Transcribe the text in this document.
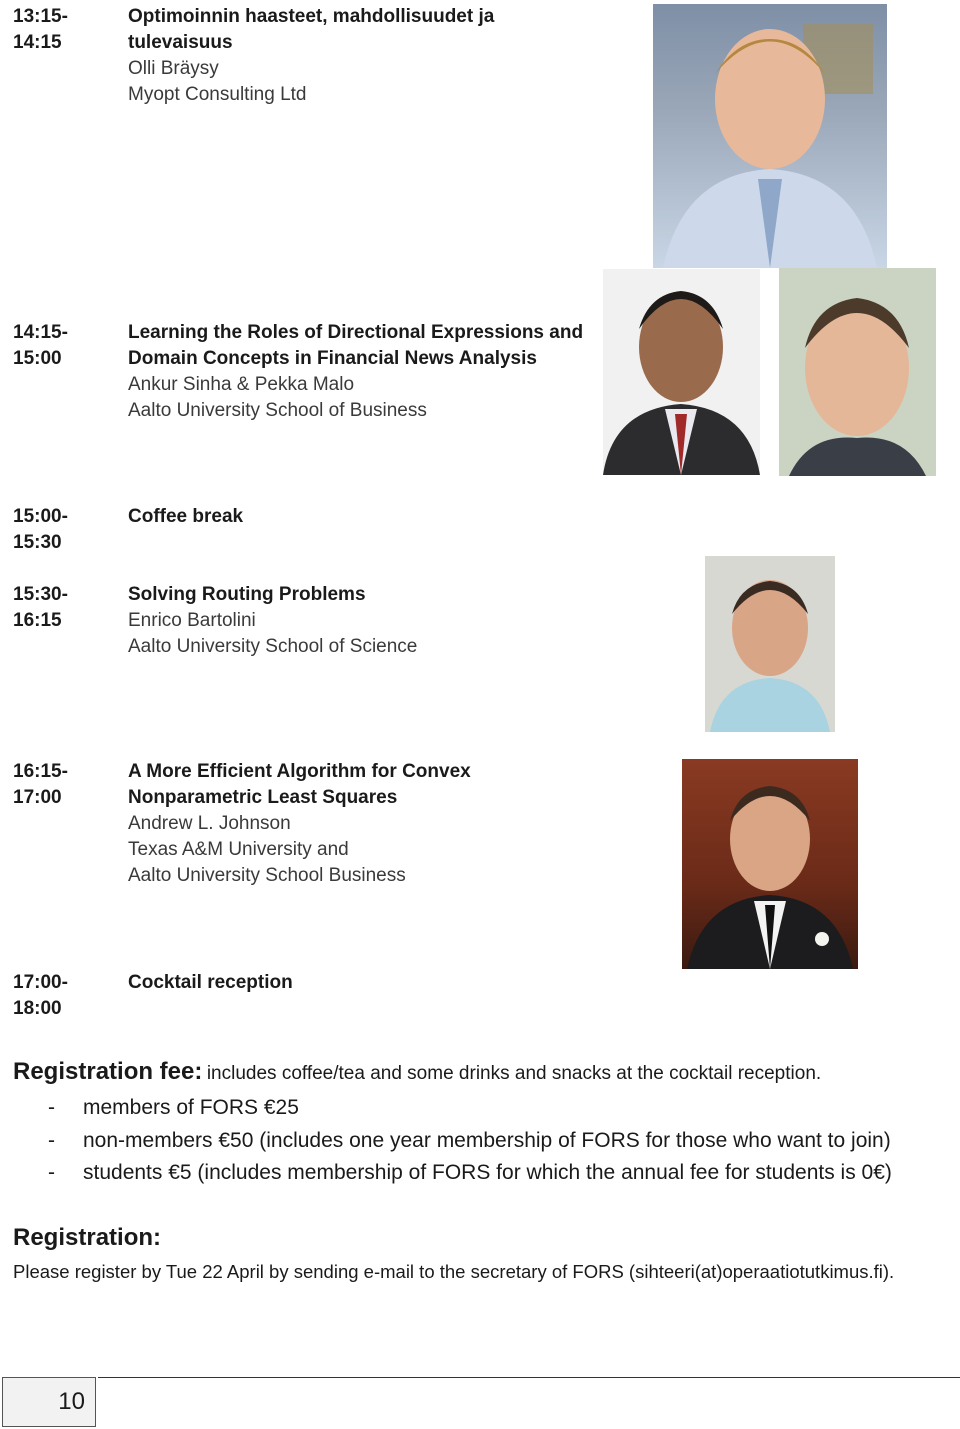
13:15-
14:15
Optimoinnin haasteet, mahdollisuudet ja
tulevaisuus
Olli Bräysy
Myopt Consulting Ltd
14:15-
15:00
Learning the Roles of Directional Expressions and
Domain Concepts in Financial News Analysis
Ankur Sinha & Pekka Malo
Aalto University School of Business
15:00-
15:30
Coffee break
15:30-
16:15
Solving Routing Problems
Enrico Bartolini
Aalto University School of Science
16:15-
17:00
A More Efficient Algorithm for Convex
Nonparametric Least Squares
Andrew L. Johnson
Texas A&M University and
Aalto University School Business
17:00-
18:00
Cocktail reception
Registration fee: includes coffee/tea and some drinks and snacks at the cocktail reception.
- members of FORS €25
- non-members €50 (includes one year membership of FORS for those who want to join)
- students €5 (includes membership of FORS for which the annual fee for students is 0€)
Registration:
Please register by Tue 22 April by sending e-mail to the secretary of FORS (sihteeri(at)operaatiotutkimus.fi).
10
